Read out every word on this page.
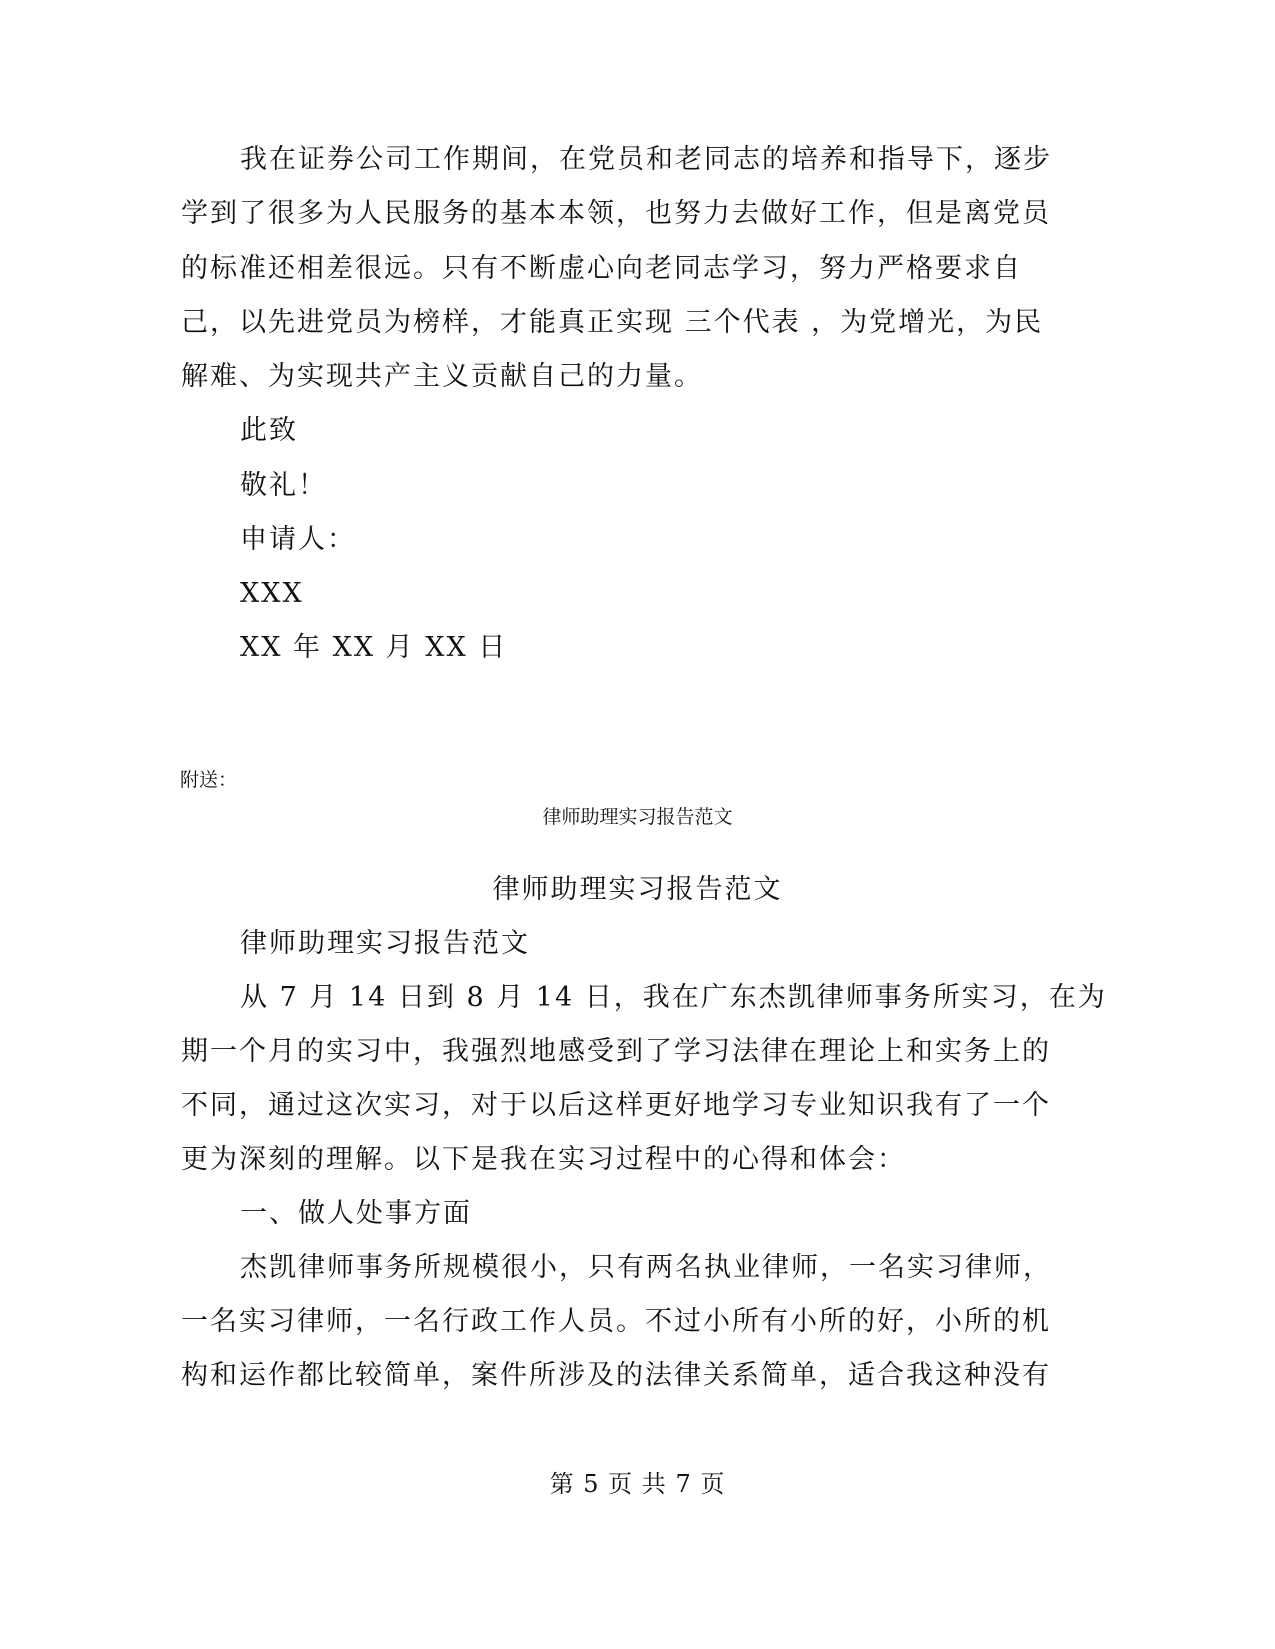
我在证券公司工作期间，在党员和老同志的培养和指导下，逐步
学到了很多为人民服务的基本本领，也努力去做好工作，但是离党员
的标准还相差很远。只有不断虚心向老同志学习，努力严格要求自
己，以先进党员为榜样，才能真正实现 三个代表 ，为党增光，为民
解难、为实现共产主义贡献自己的力量。
此致
敬礼！
申请人：
XXX
XX 年 XX 月 XX 日
附送：
律师助理实习报告范文
律师助理实习报告范文
律师助理实习报告范文
从 7 月 14 日到 8 月 14 日，我在广东杰凯律师事务所实习，在为
期一个月的实习中，我强烈地感受到了学习法律在理论上和实务上的
不同，通过这次实习，对于以后这样更好地学习专业知识我有了一个
更为深刻的理解。以下是我在实习过程中的心得和体会：
一、做人处事方面
杰凯律师事务所规模很小，只有两名执业律师，一名实习律师，
一名实习律师，一名行政工作人员。不过小所有小所的好，小所的机
构和运作都比较简单，案件所涉及的法律关系简单，适合我这种没有
第 5 页 共 7 页
